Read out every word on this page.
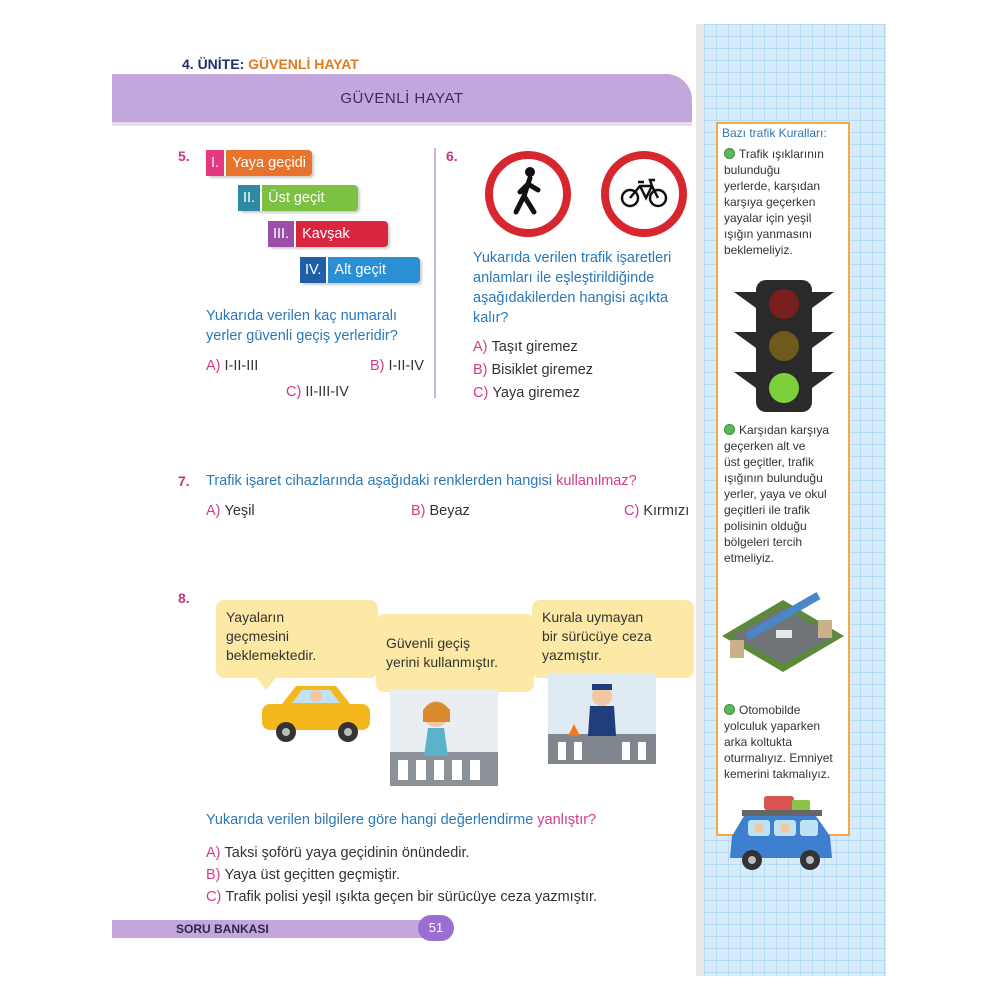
4. ÜNİTE: GÜVENLİ HAYAT
GÜVENLİ HAYAT
5.	I. Yaya geçidi
II. Üst geçit
III. Kavşak
IV. Alt geçit
Yukarıda verilen kaç numaralı
yerler güvenli geçiş yerleridir?
A) I-II-III	B) I-II-IV
C) II-III-IV
6.
Yukarıda verilen trafik işaretleri
anlamları ile eşleştirildiğinde
aşağıdakilerden hangisi açıkta
kalır?
A) Taşıt giremez
B) Bisiklet giremez
C) Yaya giremez
7. Trafik işaret cihazlarında aşağıdaki renklerden hangisi kullanılmaz?
A) Yeşil	B) Beyaz	C) Kırmızı
8.
Yayaların
geçmesini
beklemektedir.
Güvenli geçiş
yerini kullanmıştır.
Kurala uymayan
bir sürücüye ceza
yazmıştır.
Yukarıda verilen bilgilere göre hangi değerlendirme yanlıştır?
A) Taksi şoförü yaya geçidinin önündedir.
B) Yaya üst geçitten geçmiştir.
C) Trafik polisi yeşil ışıkta geçen bir sürücüye ceza yazmıştır.
SORU BANKASI	51
Bazı trafik Kuralları:
Trafik ışıklarının
bulunduğu
yerlerde, karşıdan
karşıya geçerken
yayalar için yeşil
ışığın yanmasını
beklemeliyiz.
Karşıdan karşıya
geçerken alt ve
üst geçitler, trafik
ışığının bulunduğu
yerler, yaya ve okul
geçitleri ile trafik
polisinin olduğu
bölgeleri tercih
etmeliyiz.
Otomobilde
yolculuk yaparken
arka koltukta
oturmalıyız. Emniyet
kemerini takmalıyız.
